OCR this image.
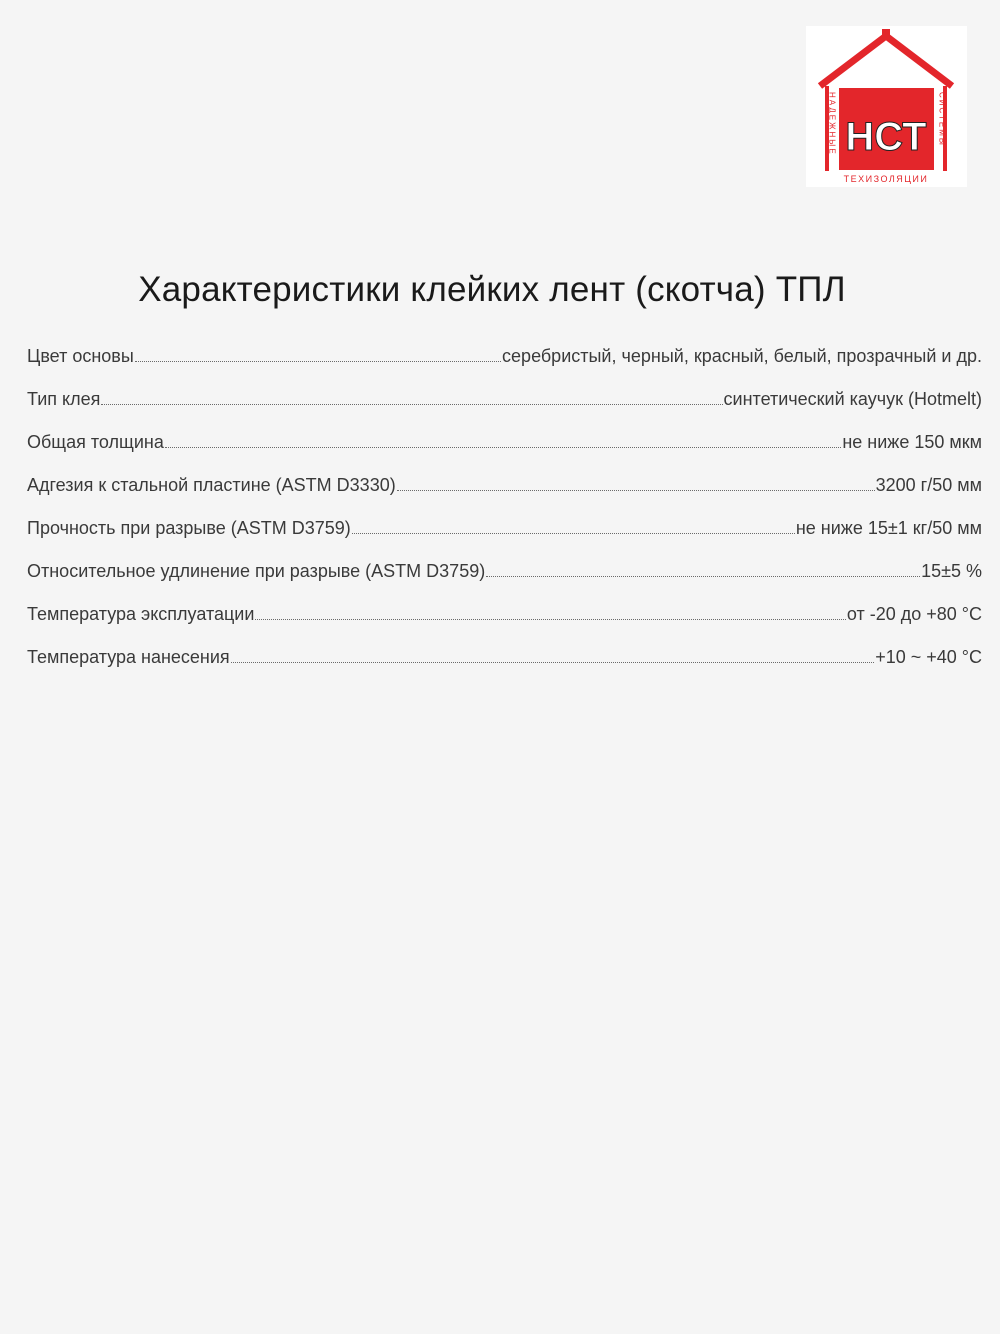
НСТ
НАДЕЖНЫЕ	СИСТЕМЫ
ТЕХИЗОЛЯЦИИ
Характеристики клейких лент (скотча) ТПЛ
Цвет основы	серебристый, черный, красный, белый, прозрачный и др.
Тип клея	синтетический каучук (Hotmelt)
Общая толщина	не ниже 150 мкм
Адгезия к стальной пластине (ASTM D3330)	3200 г/50 мм
Прочность при разрыве (ASTM D3759)	не ниже 15±1 кг/50 мм
Относительное удлинение при разрыве (ASTM D3759)	15±5 %
Температура эксплуатации	от -20 до +80 °С
Температура нанесения	+10 ~ +40 °С
